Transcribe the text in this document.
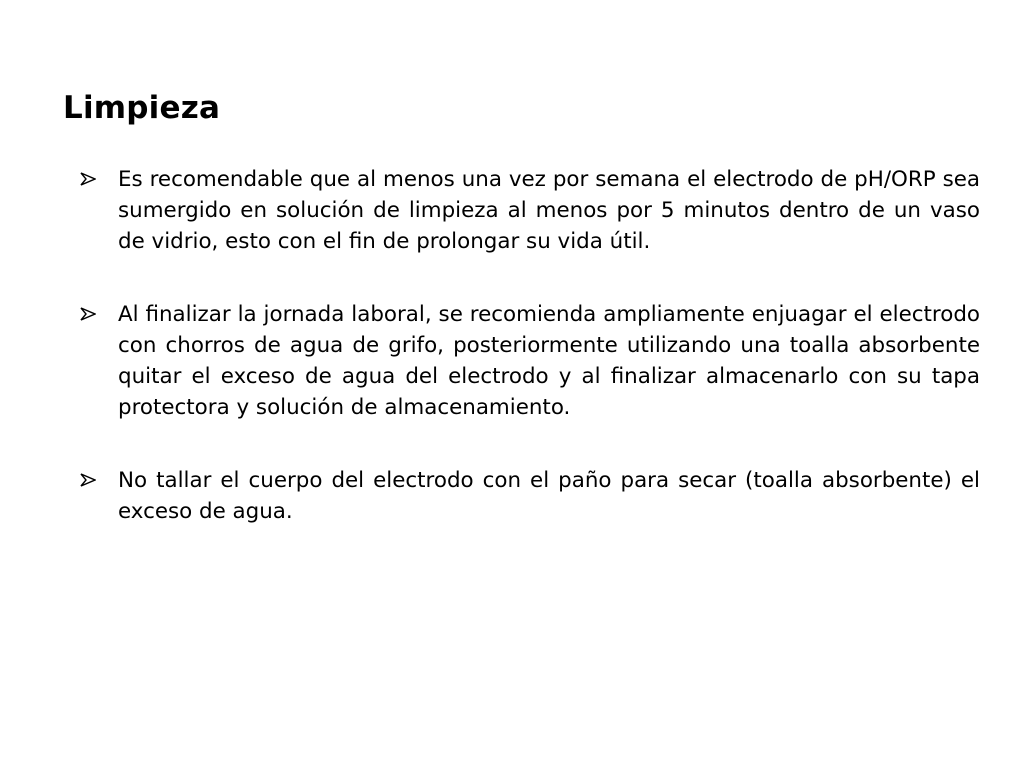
Limpieza
Es recomendable que al menos una vez por semana el electrodo de pH/ORP sea sumergido en solución de limpieza al menos por 5 minutos dentro de un vaso de vidrio, esto con el fin de prolongar su vida útil.
Al finalizar la jornada laboral, se recomienda ampliamente enjuagar el electrodo con chorros de agua de grifo, posteriormente utilizando una toalla absorbente quitar el exceso de agua del electrodo y al finalizar almacenarlo con su tapa protectora y solución de almacenamiento.
No tallar el cuerpo del electrodo con el paño para secar (toalla absorbente) el exceso de agua.
